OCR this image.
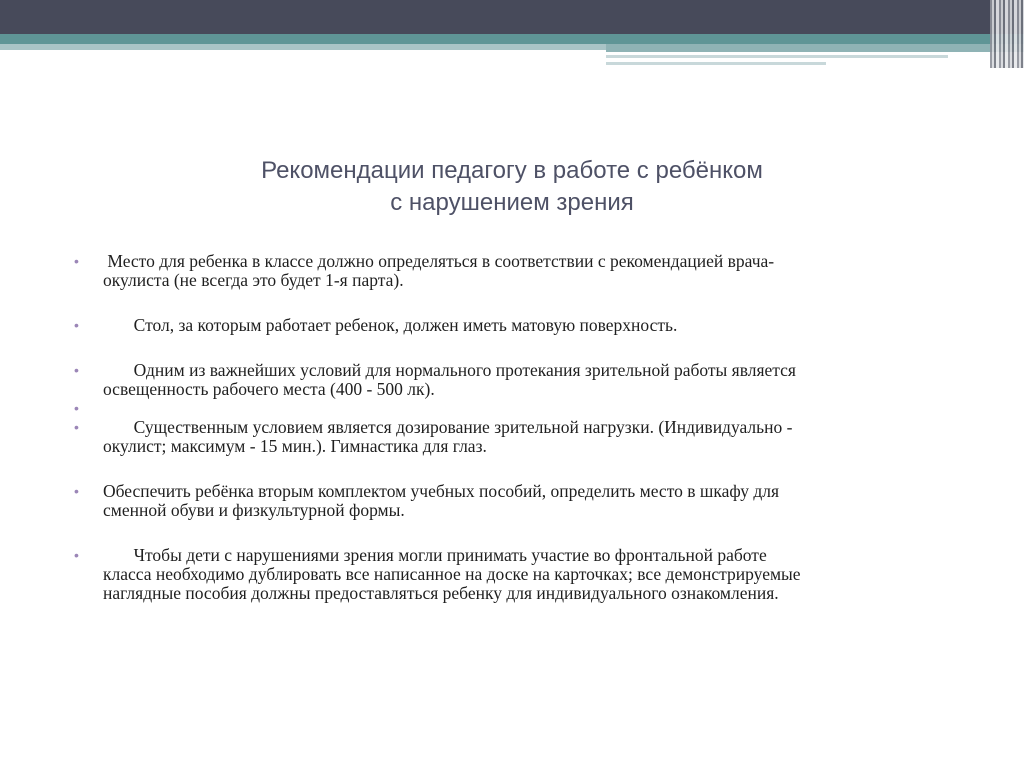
Рекомендации педагогу в работе с ребёнком
с нарушением зрения
• Место для ребенка в классе должно определяться в соответствии с рекомендацией врача-
окулиста (не всегда это будет 1-я парта).
• Стол, за которым работает ребенок, должен иметь матовую поверхность.
•	Одним из важнейших условий для нормального протекания зрительной работы является
освещенность рабочего места (400 - 500 лк).
•

•	Существенным условием является дозирование зрительной нагрузки. (Индивидуально -
окулист; максимум - 15 мин.). Гимнастика для глаз.
• Обеспечить ребёнка вторым комплектом учебных пособий, определить место в шкафу для
сменной обуви и физкультурной формы.
•	Чтобы дети с нарушениями зрения могли принимать участие во фронтальной работе
класса необходимо дублировать все написанное на доске на карточках; все демонстрируемые
наглядные пособия должны предоставляться ребенку для индивидуального ознакомления.
